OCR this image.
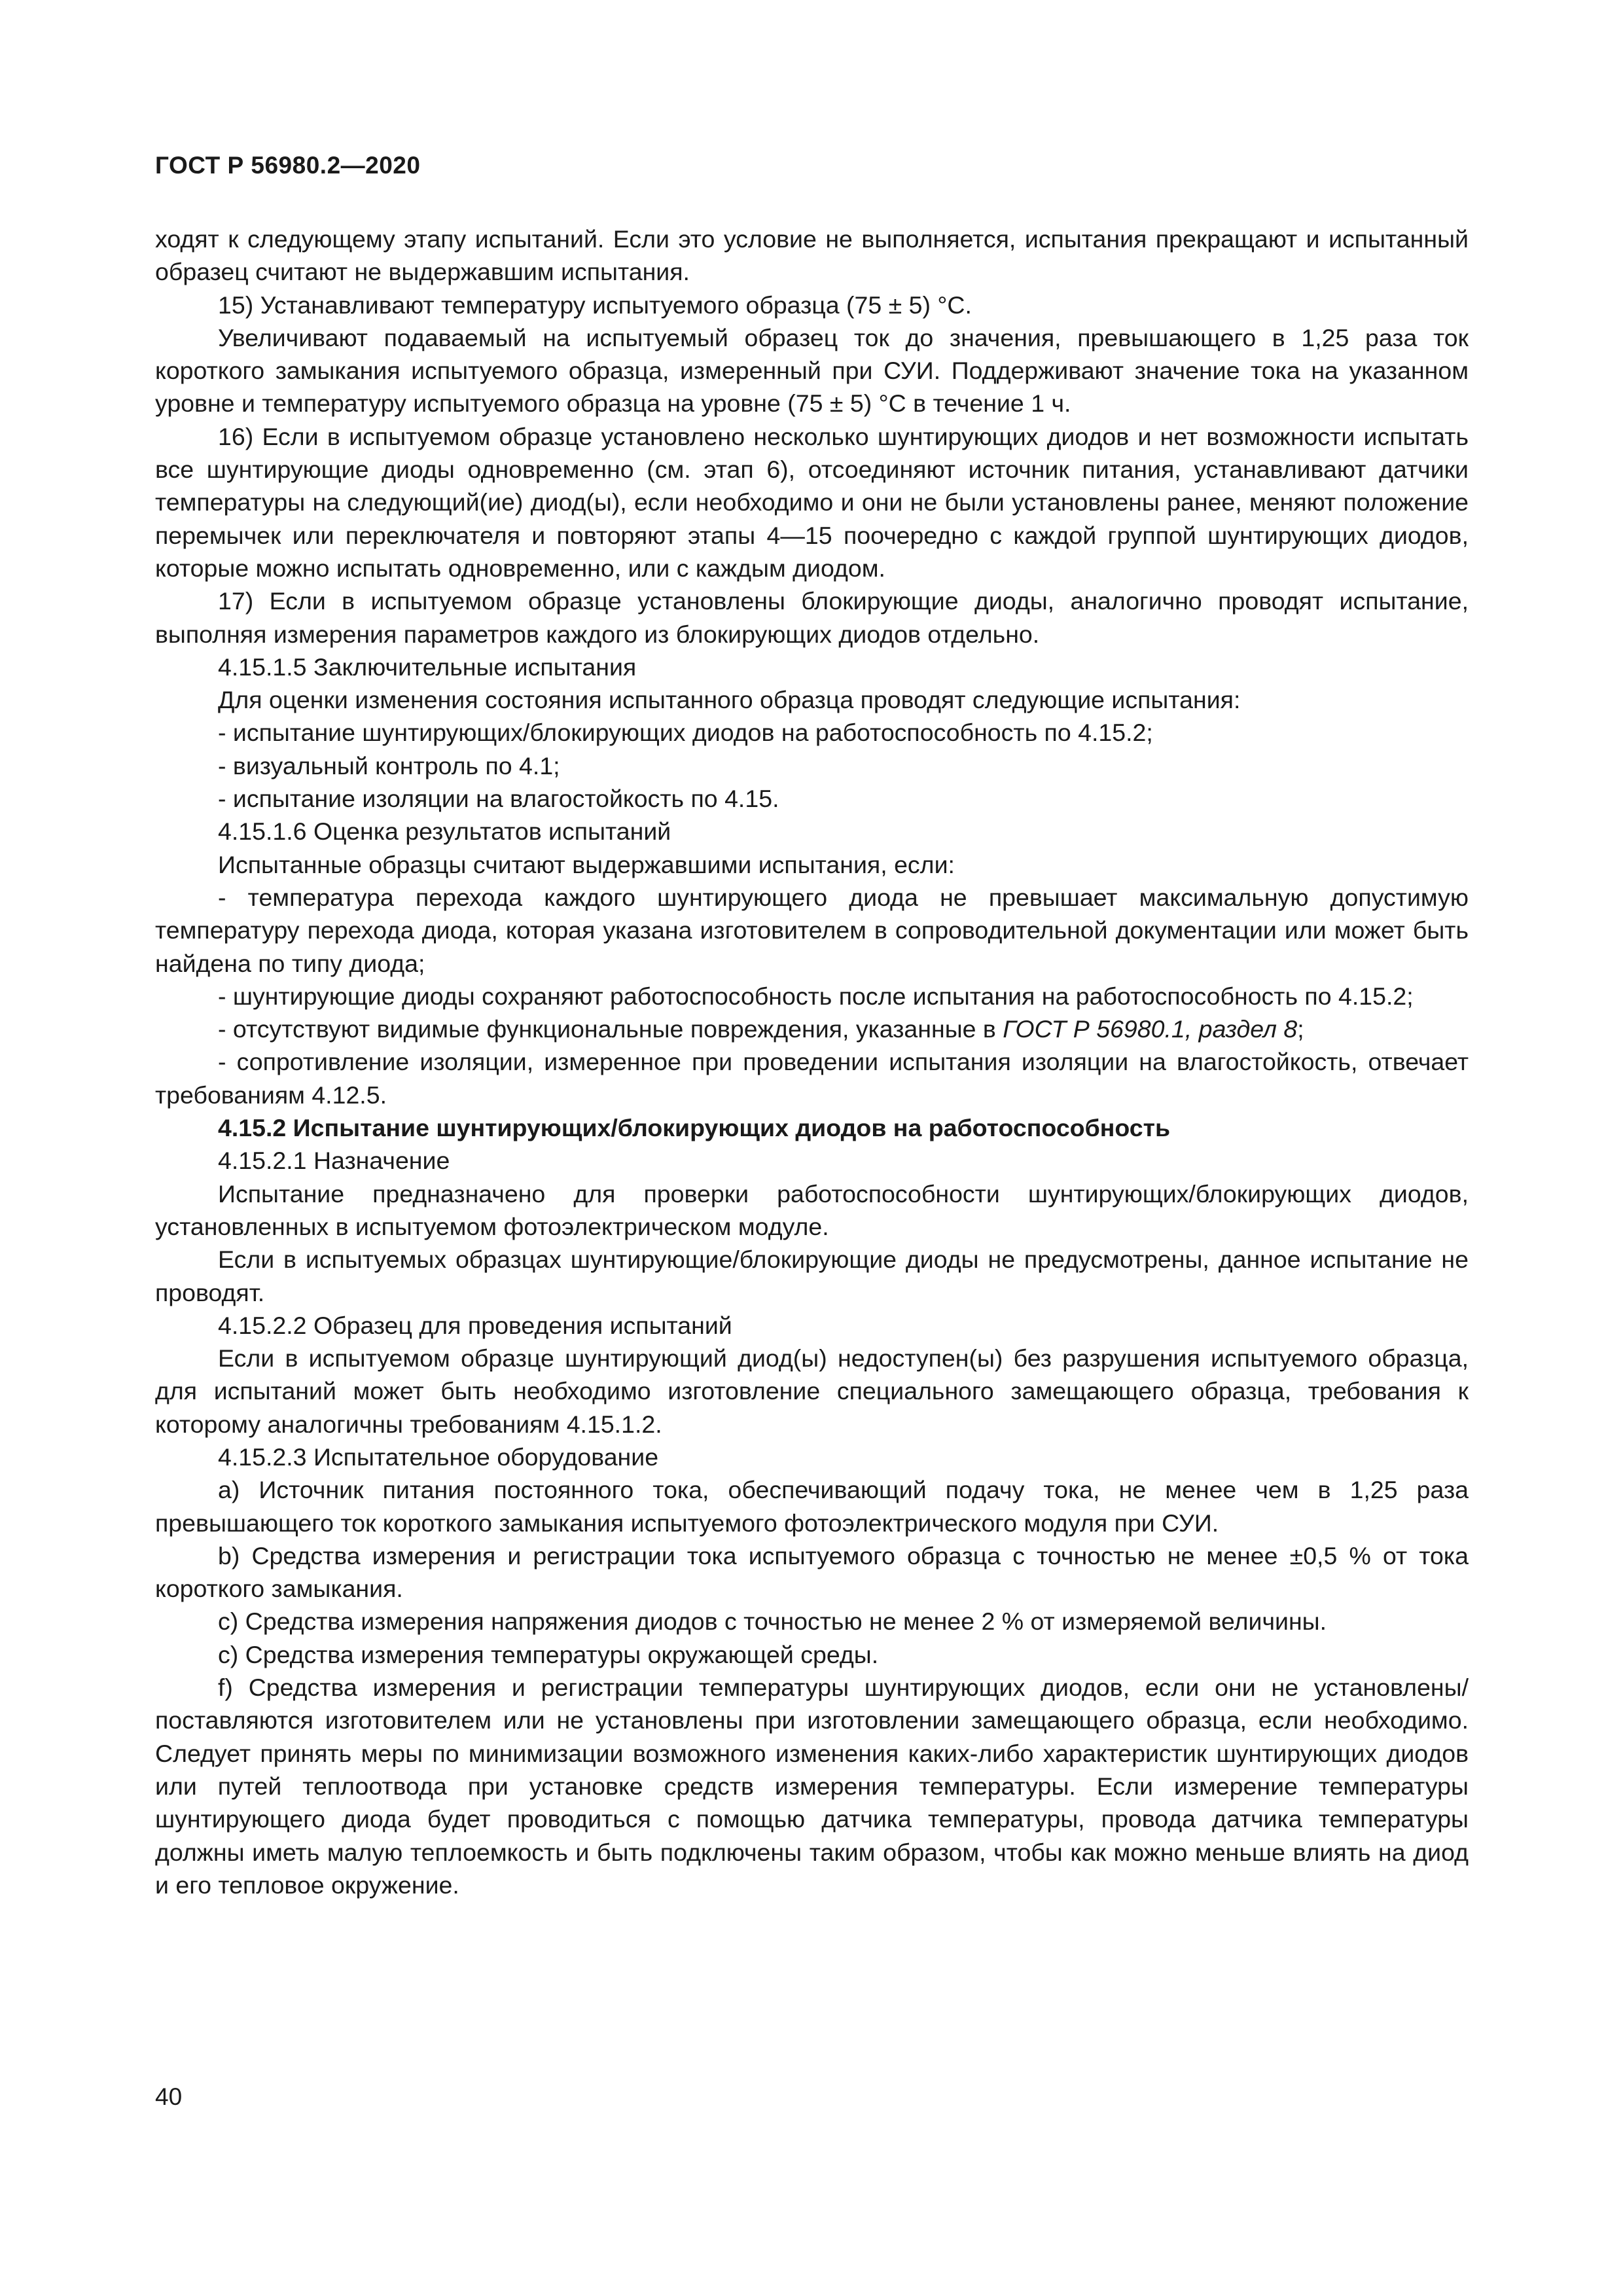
ГОСТ Р 56980.2—2020

ходят к следующему этапу испытаний. Если это условие не выполняется, испытания прекращают и испытанный образец считают не выдержавшим испытания.

15) Устанавливают температуру испытуемого образца (75 ± 5) °С.

Увеличивают подаваемый на испытуемый образец ток до значения, превышающего в 1,25 раза ток короткого замыкания испытуемого образца, измеренный при СУИ. Поддерживают значение тока на указанном уровне и температуру испытуемого образца на уровне (75 ± 5) °С в течение 1 ч.

16) Если в испытуемом образце установлено несколько шунтирующих диодов и нет возможности испытать все шунтирующие диоды одновременно (см. этап 6), отсоединяют источник питания, устанавливают датчики температуры на следующий(ие) диод(ы), если необходимо и они не были установлены ранее, меняют положение перемычек или переключателя и повторяют этапы 4—15 поочередно с каждой группой шунтирующих диодов, которые можно испытать одновременно, или с каждым диодом.

17) Если в испытуемом образце установлены блокирующие диоды, аналогично проводят испытание, выполняя измерения параметров каждого из блокирующих диодов отдельно.

4.15.1.5 Заключительные испытания

Для оценки изменения состояния испытанного образца проводят следующие испытания:

- испытание шунтирующих/блокирующих диодов на работоспособность по 4.15.2;

- визуальный контроль по 4.1;

- испытание изоляции на влагостойкость по 4.15.

4.15.1.6 Оценка результатов испытаний

Испытанные образцы считают выдержавшими испытания, если:

- температура перехода каждого шунтирующего диода не превышает максимальную допустимую температуру перехода диода, которая указана изготовителем в сопроводительной документации или может быть найдена по типу диода;

- шунтирующие диоды сохраняют работоспособность после испытания на работоспособность по 4.15.2;

- отсутствуют видимые функциональные повреждения, указанные в ГОСТ Р 56980.1, раздел 8;

- сопротивление изоляции, измеренное при проведении испытания изоляции на влагостойкость, отвечает требованиям 4.12.5.

4.15.2 Испытание шунтирующих/блокирующих диодов на работоспособность

4.15.2.1 Назначение

Испытание предназначено для проверки работоспособности шунтирующих/блокирующих диодов, установленных в испытуемом фотоэлектрическом модуле.

Если в испытуемых образцах шунтирующие/блокирующие диоды не предусмотрены, данное испытание не проводят.

4.15.2.2 Образец для проведения испытаний

Если в испытуемом образце шунтирующий диод(ы) недоступен(ы) без разрушения испытуемого образца, для испытаний может быть необходимо изготовление специального замещающего образца, требования к которому аналогичны требованиям 4.15.1.2.

4.15.2.3 Испытательное оборудование

a) Источник питания постоянного тока, обеспечивающий подачу тока, не менее чем в 1,25 раза превышающего ток короткого замыкания испытуемого фотоэлектрического модуля при СУИ.

b) Средства измерения и регистрации тока испытуемого образца с точностью не менее ±0,5 % от тока короткого замыкания.

c) Средства измерения напряжения диодов с точностью не менее 2 % от измеряемой величины.

c) Средства измерения температуры окружающей среды.

f) Средства измерения и регистрации температуры шунтирующих диодов, если они не установлены/поставляются изготовителем или не установлены при изготовлении замещающего образца, если необходимо. Следует принять меры по минимизации возможного изменения каких-либо характеристик шунтирующих диодов или путей теплоотвода при установке средств измерения температуры. Если измерение температуры шунтирующего диода будет проводиться с помощью датчика температуры, провода датчика температуры должны иметь малую теплоемкость и быть подключены таким образом, чтобы как можно меньше влиять на диод и его тепловое окружение.

40
